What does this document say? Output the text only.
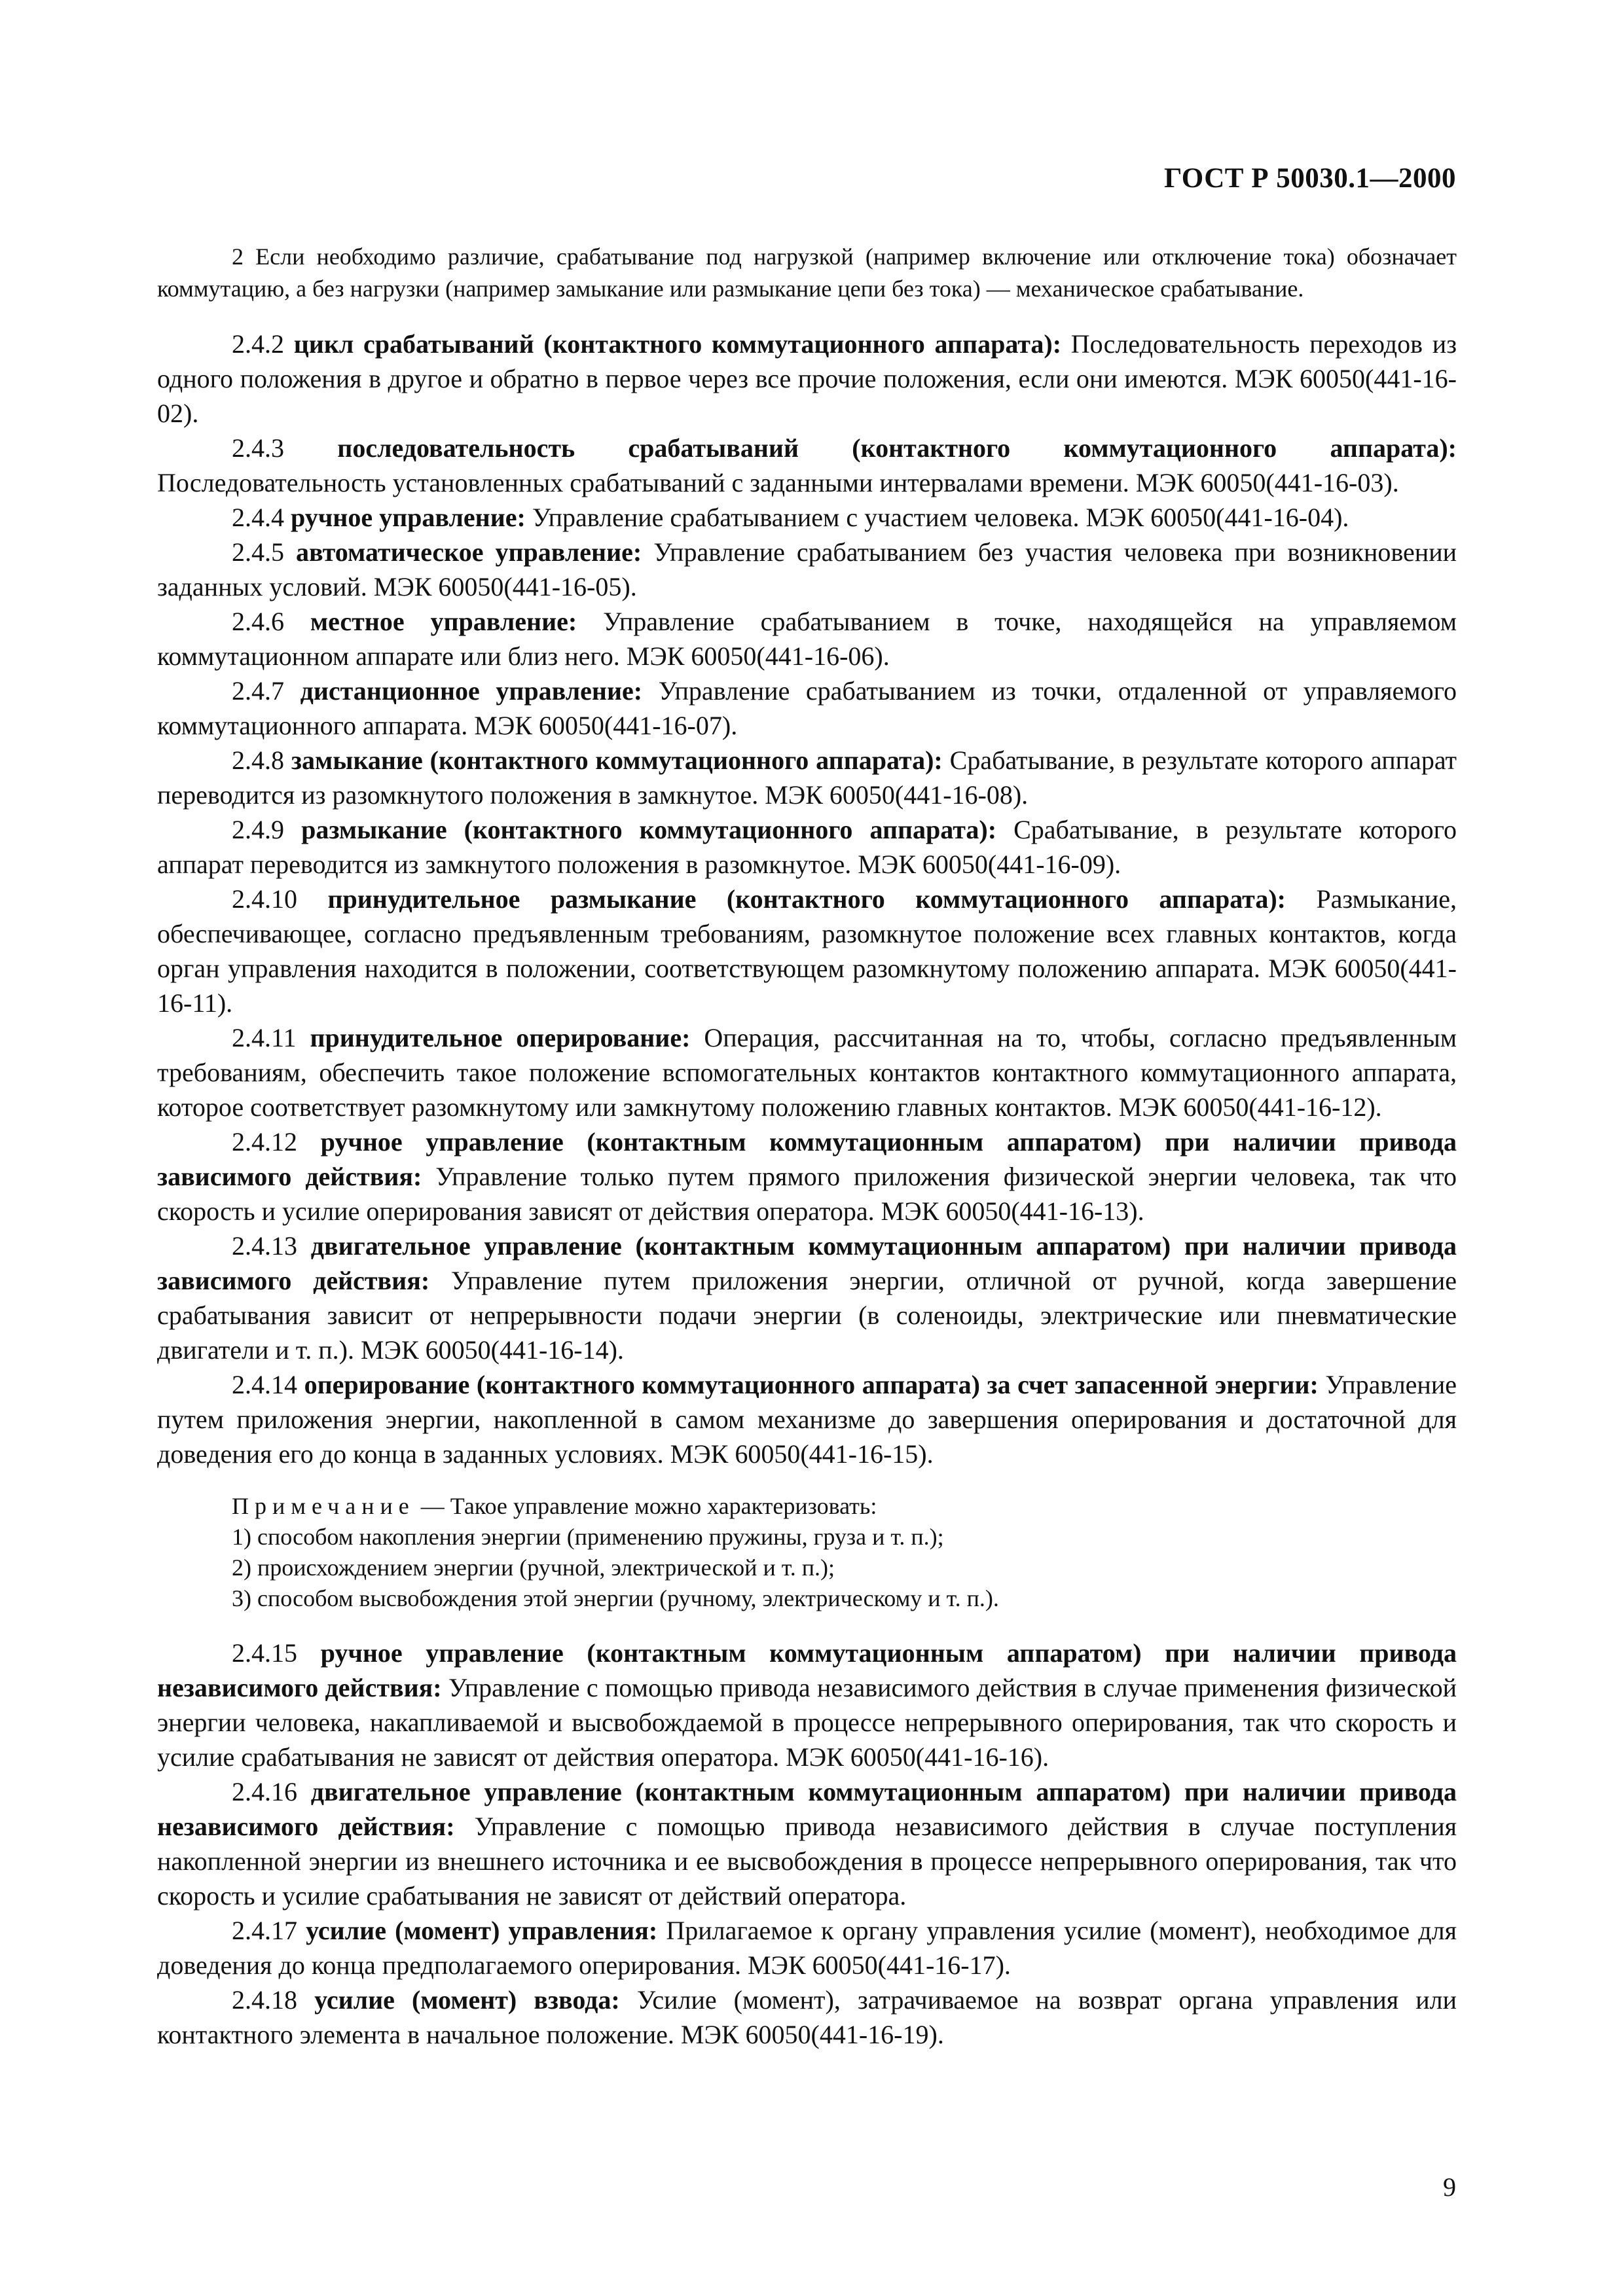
ГОСТ Р 50030.1—2000

2 Если необходимо различие, срабатывание под нагрузкой (например включение или отключение тока) обозначает коммутацию, а без нагрузки (например замыкание или размыкание цепи без тока) — механическое срабатывание.

2.4.2 цикл срабатываний (контактного коммутационного аппарата): Последовательность переходов из одного положения в другое и обратно в первое через все прочие положения, если они имеются. МЭК 60050(441-16-02).

2.4.3 последовательность срабатываний (контактного коммутационного аппарата): Последовательность установленных срабатываний с заданными интервалами времени. МЭК 60050(441-16-03).

2.4.4 ручное управление: Управление срабатыванием с участием человека. МЭК 60050(441-16-04).

2.4.5 автоматическое управление: Управление срабатыванием без участия человека при возникновении заданных условий. МЭК 60050(441-16-05).

2.4.6 местное управление: Управление срабатыванием в точке, находящейся на управляемом коммутационном аппарате или близ него. МЭК 60050(441-16-06).

2.4.7 дистанционное управление: Управление срабатыванием из точки, отдаленной от управляемого коммутационного аппарата. МЭК 60050(441-16-07).

2.4.8 замыкание (контактного коммутационного аппарата): Срабатывание, в результате которого аппарат переводится из разомкнутого положения в замкнутое. МЭК 60050(441-16-08).

2.4.9 размыкание (контактного коммутационного аппарата): Срабатывание, в результате которого аппарат переводится из замкнутого положения в разомкнутое. МЭК 60050(441-16-09).

2.4.10 принудительное размыкание (контактного коммутационного аппарата): Размыкание, обеспечивающее, согласно предъявленным требованиям, разомкнутое положение всех главных контактов, когда орган управления находится в положении, соответствующем разомкнутому положению аппарата. МЭК 60050(441-16-11).

2.4.11 принудительное оперирование: Операция, рассчитанная на то, чтобы, согласно предъявленным требованиям, обеспечить такое положение вспомогательных контактов контактного коммутационного аппарата, которое соответствует разомкнутому или замкнутому положению главных контактов. МЭК 60050(441-16-12).

2.4.12 ручное управление (контактным коммутационным аппаратом) при наличии привода зависимого действия: Управление только путем прямого приложения физической энергии человека, так что скорость и усилие оперирования зависят от действия оператора. МЭК 60050(441-16-13).

2.4.13 двигательное управление (контактным коммутационным аппаратом) при наличии привода зависимого действия: Управление путем приложения энергии, отличной от ручной, когда завершение срабатывания зависит от непрерывности подачи энергии (в соленоиды, электрические или пневматические двигатели и т. п.). МЭК 60050(441-16-14).

2.4.14 оперирование (контактного коммутационного аппарата) за счет запасенной энергии: Управление путем приложения энергии, накопленной в самом механизме до завершения оперирования и достаточной для доведения его до конца в заданных условиях. МЭК 60050(441-16-15).

Примечание — Такое управление можно характеризовать:
1) способом накопления энергии (применению пружины, груза и т. п.);
2) происхождением энергии (ручной, электрической и т. п.);
3) способом высвобождения этой энергии (ручному, электрическому и т. п.).

2.4.15 ручное управление (контактным коммутационным аппаратом) при наличии привода независимого действия: Управление с помощью привода независимого действия в случае применения физической энергии человека, накапливаемой и высвобождаемой в процессе непрерывного оперирования, так что скорость и усилие срабатывания не зависят от действия оператора. МЭК 60050(441-16-16).

2.4.16 двигательное управление (контактным коммутационным аппаратом) при наличии привода независимого действия: Управление с помощью привода независимого действия в случае поступления накопленной энергии из внешнего источника и ее высвобождения в процессе непрерывного оперирования, так что скорость и усилие срабатывания не зависят от действий оператора.

2.4.17 усилие (момент) управления: Прилагаемое к органу управления усилие (момент), необходимое для доведения до конца предполагаемого оперирования. МЭК 60050(441-16-17).

2.4.18 усилие (момент) взвода: Усилие (момент), затрачиваемое на возврат органа управления или контактного элемента в начальное положение. МЭК 60050(441-16-19).

9
